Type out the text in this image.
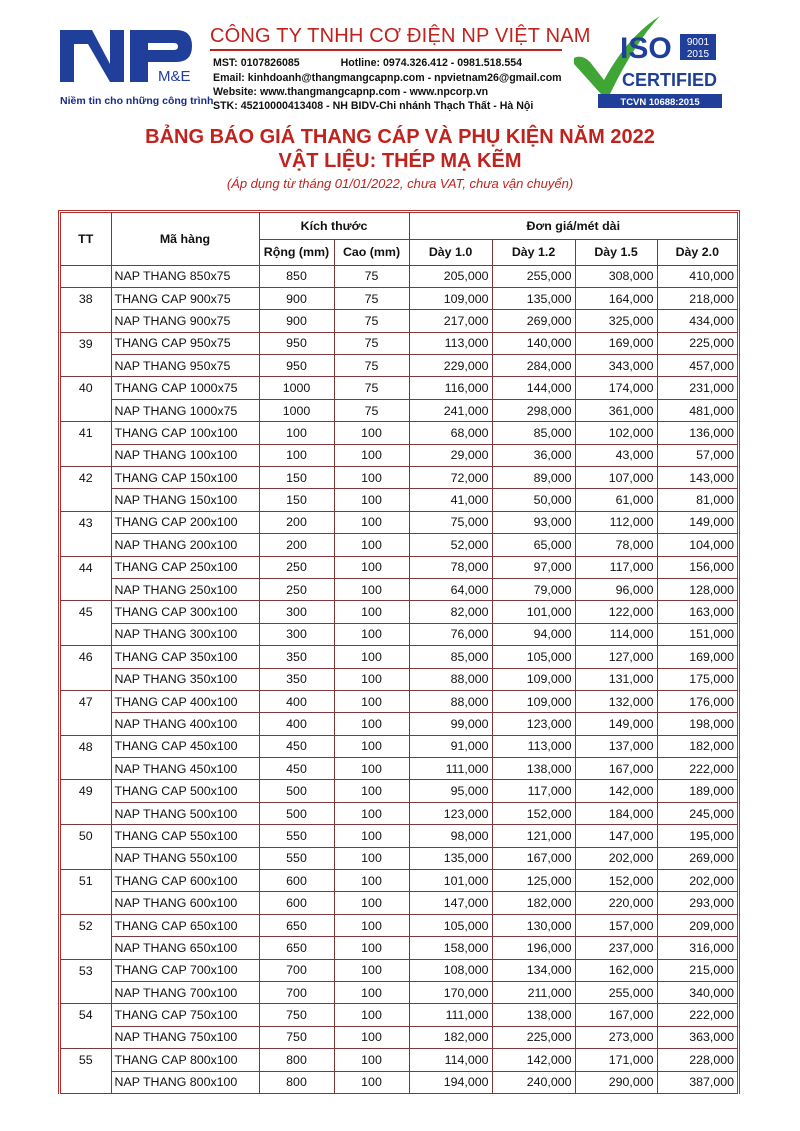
M&E
Niềm tin cho những công trình
CÔNG TY TNHH CƠ ĐIỆN NP VIỆT NAM
MST: 0107826085	Hotline: 0974.326.412 - 0981.518.554
Email: kinhdoanh@thangmangcapnp.com - npvietnam26@gmail.com
Website: www.thangmangcapnp.com - www.npcorp.vn
STK: 45210000413408 - NH BIDV-Chi nhánh Thạch Thất - Hà Nội
ISO 9001
2015
CERTIFIED
TCVN 10688:2015
BẢNG BÁO GIÁ THANG CÁP VÀ PHỤ KIỆN NĂM 2022
VẬT LIỆU: THÉP MẠ KẼM
(Áp dụng từ tháng 01/01/2022, chưa VAT, chưa vận chuyển)
TT	Mã hàng	Kích thước		Đơn giá/mét dài			
		Rộng (mm)	Cao (mm)	Dày 1.0	Dày 1.2	Dày 1.5	Dày 2.0
	NAP THANG 850x75	850	75	205,000	255,000	308,000	410,000
38	THANG CAP 900x75	900	75	109,000	135,000	164,000	218,000
	NAP THANG 900x75	900	75	217,000	269,000	325,000	434,000
39	THANG CAP 950x75	950	75	113,000	140,000	169,000	225,000
	NAP THANG 950x75	950	75	229,000	284,000	343,000	457,000
40	THANG CAP 1000x75	1000	75	116,000	144,000	174,000	231,000
	NAP THANG 1000x75	1000	75	241,000	298,000	361,000	481,000
41	THANG CAP 100x100	100	100	68,000	85,000	102,000	136,000
	NAP THANG 100x100	100	100	29,000	36,000	43,000	57,000
42	THANG CAP 150x100	150	100	72,000	89,000	107,000	143,000
	NAP THANG 150x100	150	100	41,000	50,000	61,000	81,000
43	THANG CAP 200x100	200	100	75,000	93,000	112,000	149,000
	NAP THANG 200x100	200	100	52,000	65,000	78,000	104,000
44	THANG CAP 250x100	250	100	78,000	97,000	117,000	156,000
	NAP THANG 250x100	250	100	64,000	79,000	96,000	128,000
45	THANG CAP 300x100	300	100	82,000	101,000	122,000	163,000
	NAP THANG 300x100	300	100	76,000	94,000	114,000	151,000
46	THANG CAP 350x100	350	100	85,000	105,000	127,000	169,000
	NAP THANG 350x100	350	100	88,000	109,000	131,000	175,000
47	THANG CAP 400x100	400	100	88,000	109,000	132,000	176,000
	NAP THANG 400x100	400	100	99,000	123,000	149,000	198,000
48	THANG CAP 450x100	450	100	91,000	113,000	137,000	182,000
	NAP THANG 450x100	450	100	111,000	138,000	167,000	222,000
49	THANG CAP 500x100	500	100	95,000	117,000	142,000	189,000
	NAP THANG 500x100	500	100	123,000	152,000	184,000	245,000
50	THANG CAP 550x100	550	100	98,000	121,000	147,000	195,000
	NAP THANG 550x100	550	100	135,000	167,000	202,000	269,000
51	THANG CAP 600x100	600	100	101,000	125,000	152,000	202,000
	NAP THANG 600x100	600	100	147,000	182,000	220,000	293,000
52	THANG CAP 650x100	650	100	105,000	130,000	157,000	209,000
	NAP THANG 650x100	650	100	158,000	196,000	237,000	316,000
53	THANG CAP 700x100	700	100	108,000	134,000	162,000	215,000
	NAP THANG 700x100	700	100	170,000	211,000	255,000	340,000
54	THANG CAP 750x100	750	100	111,000	138,000	167,000	222,000
	NAP THANG 750x100	750	100	182,000	225,000	273,000	363,000
55	THANG CAP 800x100	800	100	114,000	142,000	171,000	228,000
	NAP THANG 800x100	800	100	194,000	240,000	290,000	387,000
